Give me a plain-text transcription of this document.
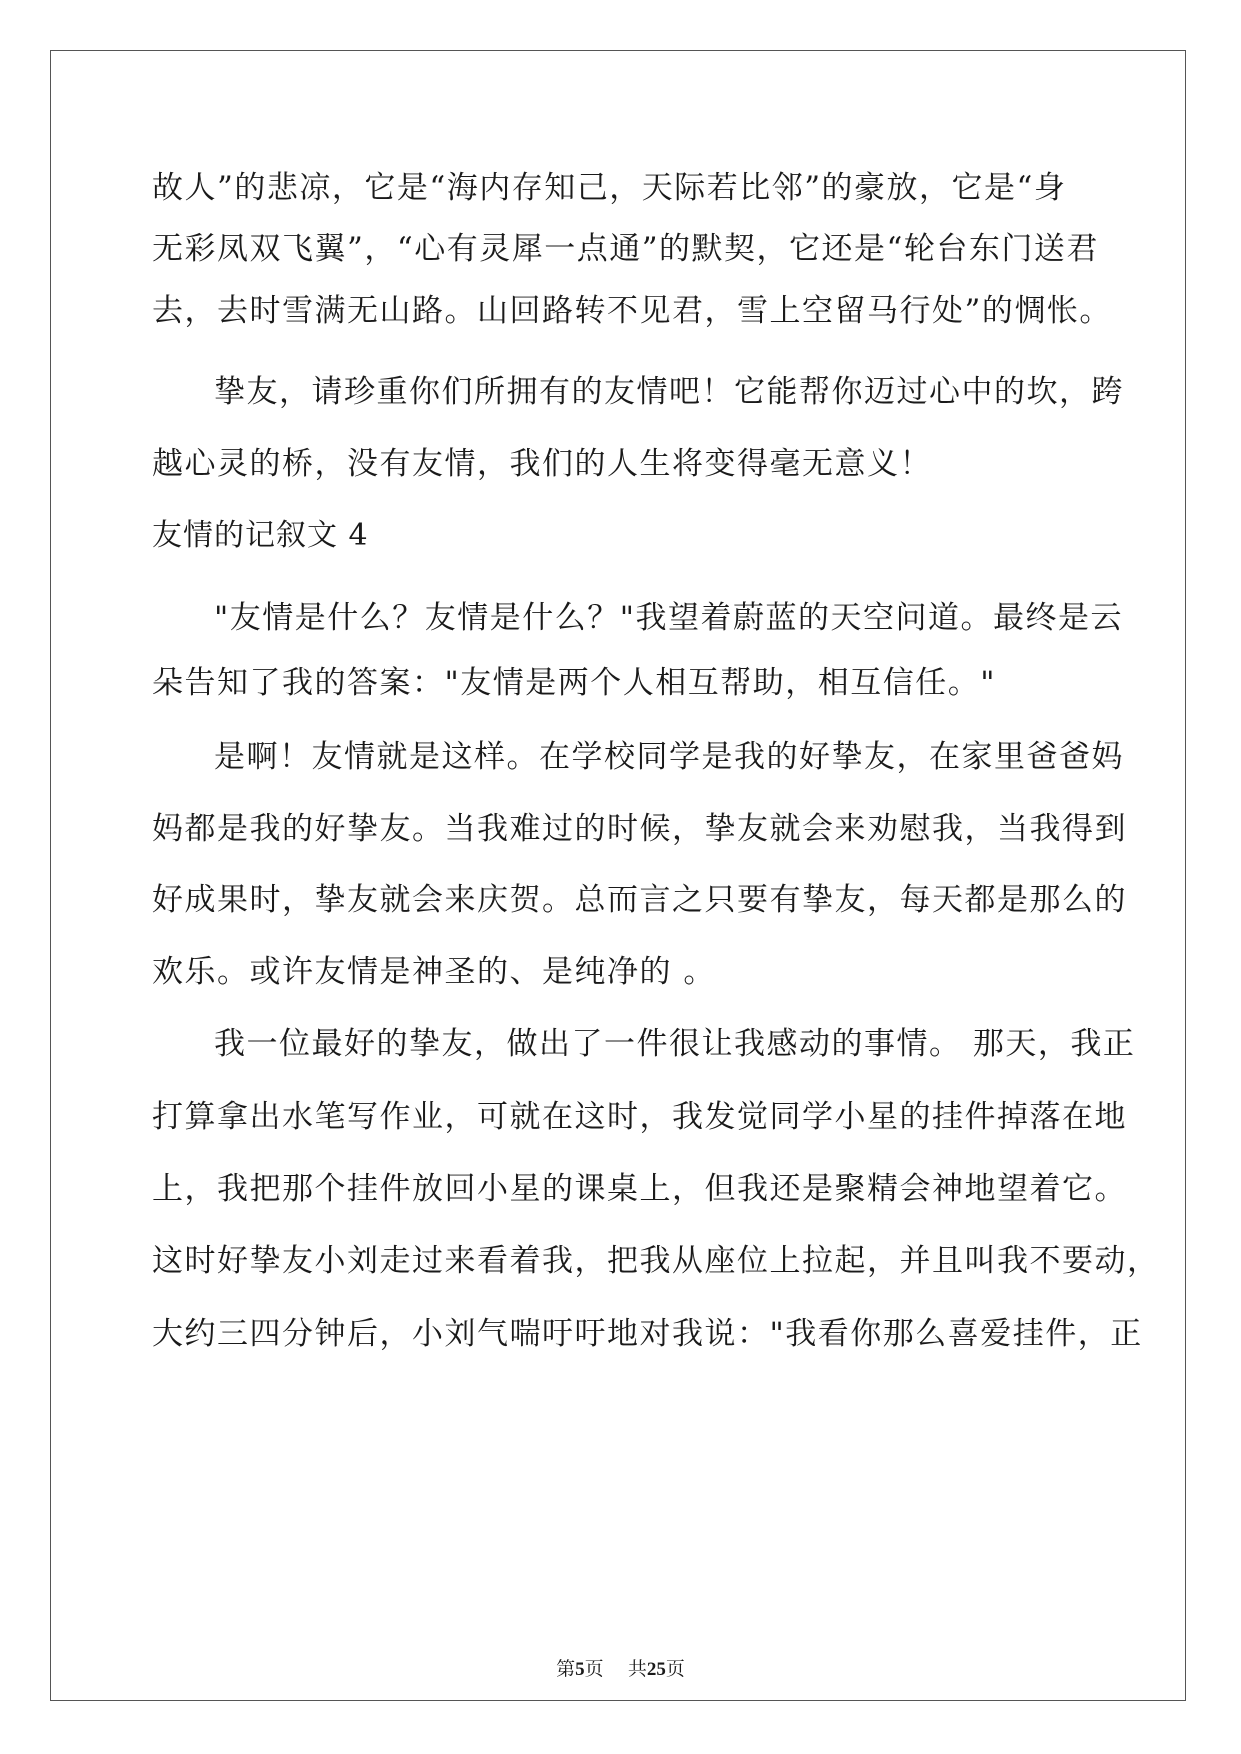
故人”的悲凉，它是“海内存知己，天际若比邻”的豪放，它是“身
无彩凤双飞翼”，“心有灵犀一点通”的默契，它还是“轮台东门送君
去，去时雪满无山路。山回路转不见君，雪上空留马行处”的惆怅。
挚友，请珍重你们所拥有的友情吧！它能帮你迈过心中的坎，跨
越心灵的桥，没有友情，我们的人生将变得毫无意义！
友情的记叙文 4
"友情是什么？友情是什么？"我望着蔚蓝的天空问道。最终是云
朵告知了我的答案："友情是两个人相互帮助，相互信任。"
是啊！友情就是这样。在学校同学是我的好挚友，在家里爸爸妈
妈都是我的好挚友。当我难过的时候，挚友就会来劝慰我，当我得到
好成果时，挚友就会来庆贺。总而言之只要有挚友，每天都是那么的
欢乐。或许友情是神圣的、是纯净的 。
我一位最好的挚友，做出了一件很让我感动的事情。 那天，我正
打算拿出水笔写作业，可就在这时，我发觉同学小星的挂件掉落在地
上，我把那个挂件放回小星的课桌上，但我还是聚精会神地望着它。
这时好挚友小刘走过来看着我，把我从座位上拉起，并且叫我不要动，
大约三四分钟后，小刘气喘吁吁地对我说："我看你那么喜爱挂件，正
第5页    共25页
